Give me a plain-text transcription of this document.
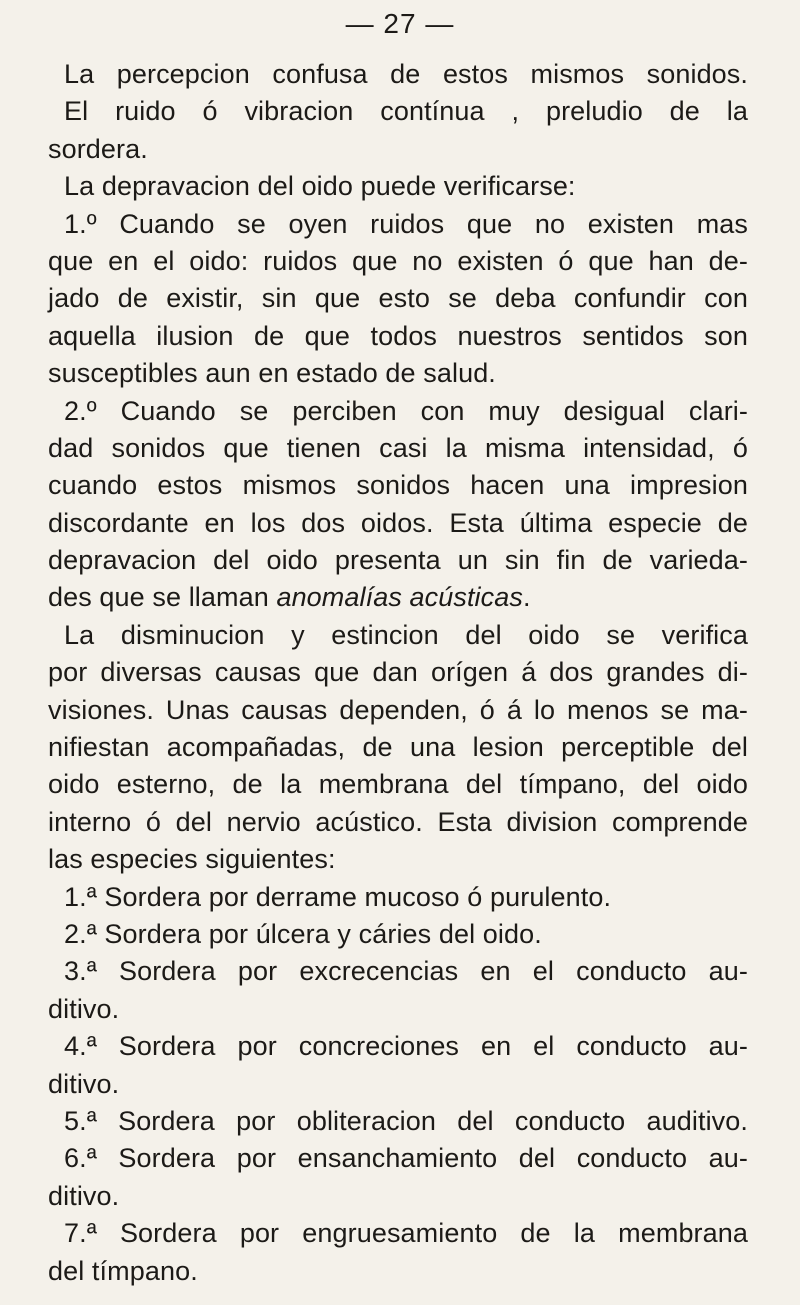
— 27 —
La percepcion confusa de estos mismos sonidos.
El ruido ó vibracion contínua , preludio de la
sordera.
La depravacion del oido puede verificarse:
1.º Cuando se oyen ruidos que no existen mas
que en el oido: ruidos que no existen ó que han de-
jado de existir, sin que esto se deba confundir con
aquella ilusion de que todos nuestros sentidos son
susceptibles aun en estado de salud.
2.º Cuando se perciben con muy desigual clari-
dad sonidos que tienen casi la misma intensidad, ó
cuando estos mismos sonidos hacen una impresion
discordante en los dos oidos. Esta última especie de
depravacion del oido presenta un sin fin de varieda-
des que se llaman anomalías acústicas.
La disminucion y estincion del oido se verifica
por diversas causas que dan orígen á dos grandes di-
visiones. Unas causas dependen, ó á lo menos se ma-
nifiestan acompañadas, de una lesion perceptible del
oido esterno, de la membrana del tímpano, del oido
interno ó del nervio acústico. Esta division comprende
las especies siguientes:
1.ª Sordera por derrame mucoso ó purulento.
2.ª Sordera por úlcera y cáries del oido.
3.ª Sordera por excrecencias en el conducto au-
ditivo.
4.ª Sordera por concreciones en el conducto au-
ditivo.
5.ª Sordera por obliteracion del conducto auditivo.
6.ª Sordera por ensanchamiento del conducto au-
ditivo.
7.ª Sordera por engruesamiento de la membrana
del tímpano.
